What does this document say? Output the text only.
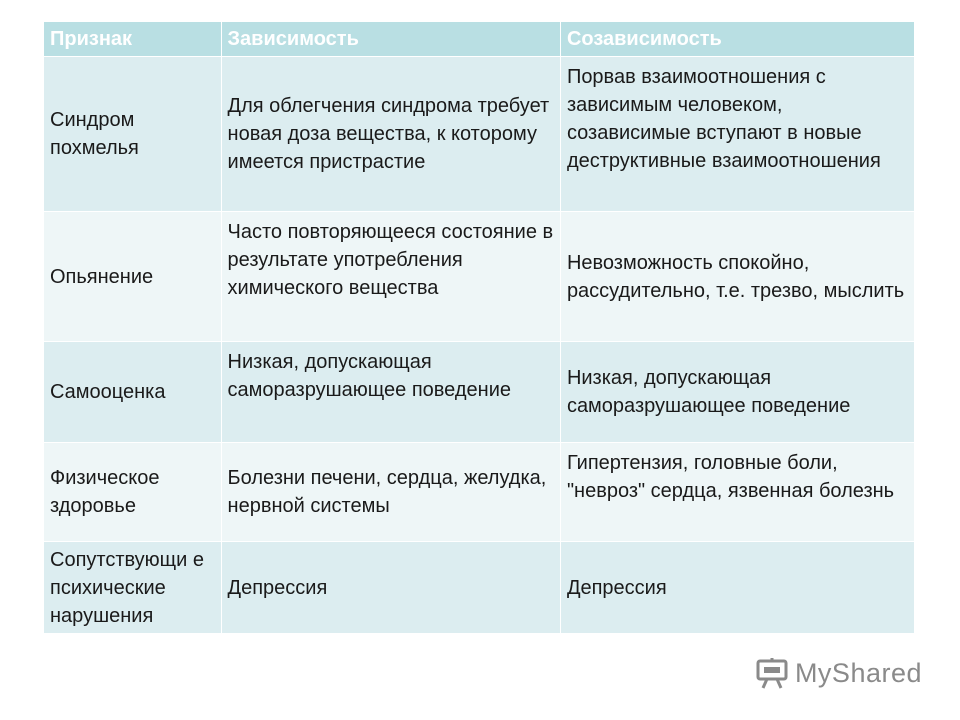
Признак	Зависимость	Созависимость
Синдром похмелья	Для облегчения синдрома требует новая доза вещества, к которому имеется пристрастие	Порвав взаимоотношения с зависимым человеком, созависимые вступают в новые деструктивные взаимоотношения
Опьянение	Часто повторяющееся состояние в результате употребления химического вещества	Невозможность спокойно, рассудительно, т.е. трезво, мыслить
Самооценка	Низкая, допускающая саморазрушающее поведение	Низкая, допускающая саморазрушающее поведение
Физическое здоровье	Болезни печени, сердца, желудка, нервной системы	Гипертензия, головные боли, "невроз" сердца, язвенная болезнь
Сопутствующи е психические нарушения	Депрессия	Депрессия
MyShared
